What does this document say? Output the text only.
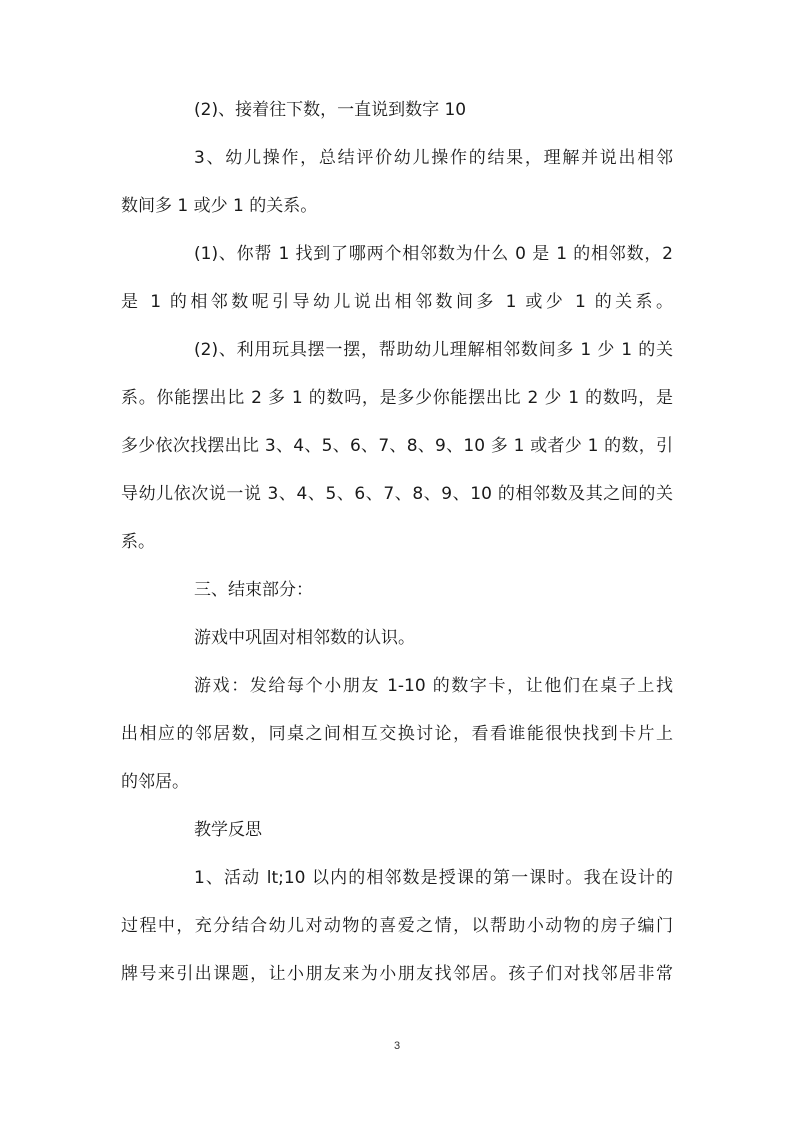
(2)、接着往下数，一直说到数字 10
3、幼儿操作，总结评价幼儿操作的结果，理解并说出相邻
数间多 1 或少 1 的关系。
(1)、你帮 1 找到了哪两个相邻数为什么 0 是 1 的相邻数，2
是 1 的相邻数呢引导幼儿说出相邻数间多 1 或少 1 的关系。
(2)、利用玩具摆一摆，帮助幼儿理解相邻数间多 1 少 1 的关
系。你能摆出比 2 多 1 的数吗，是多少你能摆出比 2 少 1 的数吗，是
多少依次找摆出比 3、4、5、6、7、8、9、10 多 1 或者少 1 的数，引
导幼儿依次说一说 3、4、5、6、7、8、9、10 的相邻数及其之间的关
系。
三、结束部分：
游戏中巩固对相邻数的认识。
游戏：发给每个小朋友 1-10 的数字卡，让他们在桌子上找
出相应的邻居数，同桌之间相互交换讨论，看看谁能很快找到卡片上
的邻居。
教学反思
1、活动 lt;10 以内的相邻数是授课的第一课时。我在设计的
过程中，充分结合幼儿对动物的喜爱之情，以帮助小动物的房子编门
牌号来引出课题，让小朋友来为小朋友找邻居。孩子们对找邻居非常
3
